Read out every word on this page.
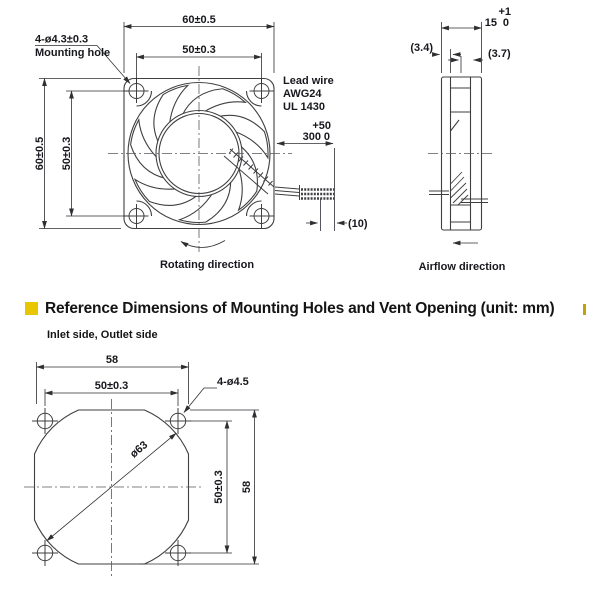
60±0.5
50±0.3
60±0.5 50±0.3
4-ø4.3±0.3
Mounting hole
Lead wire
AWG24
UL 1430
300
+50
0
(10)
Rotating direction
15
+1
0
(3.4)	(3.7)
Airflow direction
58
50±0.3	4-ø4.5
ø63
50±0.3 58
Reference Dimensions of Mounting Holes and Vent Opening (unit: mm)
Inlet side, Outlet side
